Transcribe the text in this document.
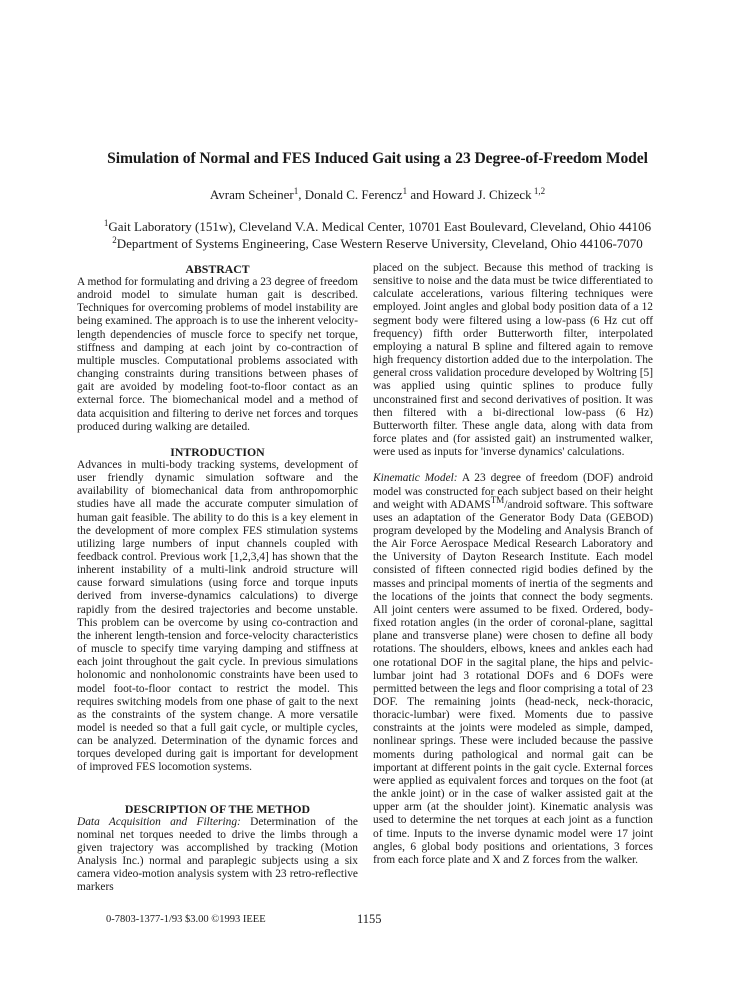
Simulation of Normal and FES Induced Gait using a 23 Degree-of-Freedom Model
Avram Scheiner$^1$, Donald C. Ferencz$^1$ and Howard J. Chizeck $^{1,2}$
$^1$Gait Laboratory (151w), Cleveland V.A. Medical Center, 10701 East Boulevard, Cleveland, Ohio 44106
$^2$Department of Systems Engineering, Case Western Reserve University, Cleveland, Ohio 44106-7070
ABSTRACT

A method for formulating and driving a 23 degree of freedom android model to simulate human gait is described. Techniques for overcoming problems of model instability are being examined. The approach is to use the inherent velocity-length dependencies of muscle force to specify net torque, stiffness and damping at each joint by co-contraction of multiple muscles. Computational problems associated with changing constraints during transitions between phases of gait are avoided by modeling foot-to-floor contact as an external force. The biomechanical model and a method of data acquisition and filtering to derive net forces and torques produced during walking are detailed.

INTRODUCTION

Advances in multi-body tracking systems, development of user friendly dynamic simulation software and the availability of biomechanical data from anthropomorphic studies have all made the accurate computer simulation of human gait feasible. The ability to do this is a key element in the development of more complex FES stimulation systems utilizing large numbers of input channels coupled with feedback control. Previous work [1,2,3,4] has shown that the inherent instability of a multi-link android structure will cause forward simulations (using force and torque inputs derived from inverse-dynamics calculations) to diverge rapidly from the desired trajectories and become unstable. This problem can be overcome by using co-contraction and the inherent length-tension and force-velocity characteristics of muscle to specify time varying damping and stiffness at each joint throughout the gait cycle. In previous simulations holonomic and nonholonomic constraints have been used to model foot-to-floor contact to restrict the model. This requires switching models from one phase of gait to the next as the constraints of the system change. A more versatile model is needed so that a full gait cycle, or multiple cycles, can be analyzed. Determination of the dynamic forces and torques developed during gait is important for development of improved FES locomotion systems.

DESCRIPTION OF THE METHOD

Data Acquisition and Filtering: Determination of the nominal net torques needed to drive the limbs through a given trajectory was accomplished by tracking (Motion Analysis Inc.) normal and paraplegic subjects using a six camera video-motion analysis system with 23 retro-reflective markers

placed on the subject. Because this method of tracking is sensitive to noise and the data must be twice differentiated to calculate accelerations, various filtering techniques were employed. Joint angles and global body position data of a 12 segment body were filtered using a low-pass (6 Hz cut off frequency) fifth order Butterworth filter, interpolated employing a natural B spline and filtered again to remove high frequency distortion added due to the interpolation. The general cross validation procedure developed by Woltring [5] was applied using quintic splines to produce fully unconstrained first and second derivatives of position. It was then filtered with a bi-directional low-pass (6 Hz) Butterworth filter. These angle data, along with data from force plates and (for assisted gait) an instrumented walker, were used as inputs for 'inverse dynamics' calculations.

Kinematic Model: A 23 degree of freedom (DOF) android model was constructed for each subject based on their height and weight with ADAMS™/android software. This software uses an adaptation of the Generator Body Data (GEBOD) program developed by the Modeling and Analysis Branch of the Air Force Aerospace Medical Research Laboratory and the University of Dayton Research Institute. Each model consisted of fifteen connected rigid bodies defined by the masses and principal moments of inertia of the segments and the locations of the joints that connect the body segments. All joint centers were assumed to be fixed. Ordered, body-fixed rotation angles (in the order of coronal-plane, sagittal plane and transverse plane) were chosen to define all body rotations. The shoulders, elbows, knees and ankles each had one rotational DOF in the sagital plane, the hips and pelvic-lumbar joint had 3 rotational DOFs and 6 DOFs were permitted between the legs and floor comprising a total of 23 DOF. The remaining joints (head-neck, neck-thoracic, thoracic-lumbar) were fixed. Moments due to passive constraints at the joints were modeled as simple, damped, nonlinear springs. These were included because the passive moments during pathological and normal gait can be important at different points in the gait cycle. External forces were applied as equivalent forces and torques on the foot (at the ankle joint) or in the case of walker assisted gait at the upper arm (at the shoulder joint). Kinematic analysis was used to determine the net torques at each joint as a function of time. Inputs to the inverse dynamic model were 17 joint angles, 6 global body positions and orientations, 3 forces from each force plate and X and Z forces from the walker.

0-7803-1377-1/93 $3.00 ©1993 IEEE	1155
